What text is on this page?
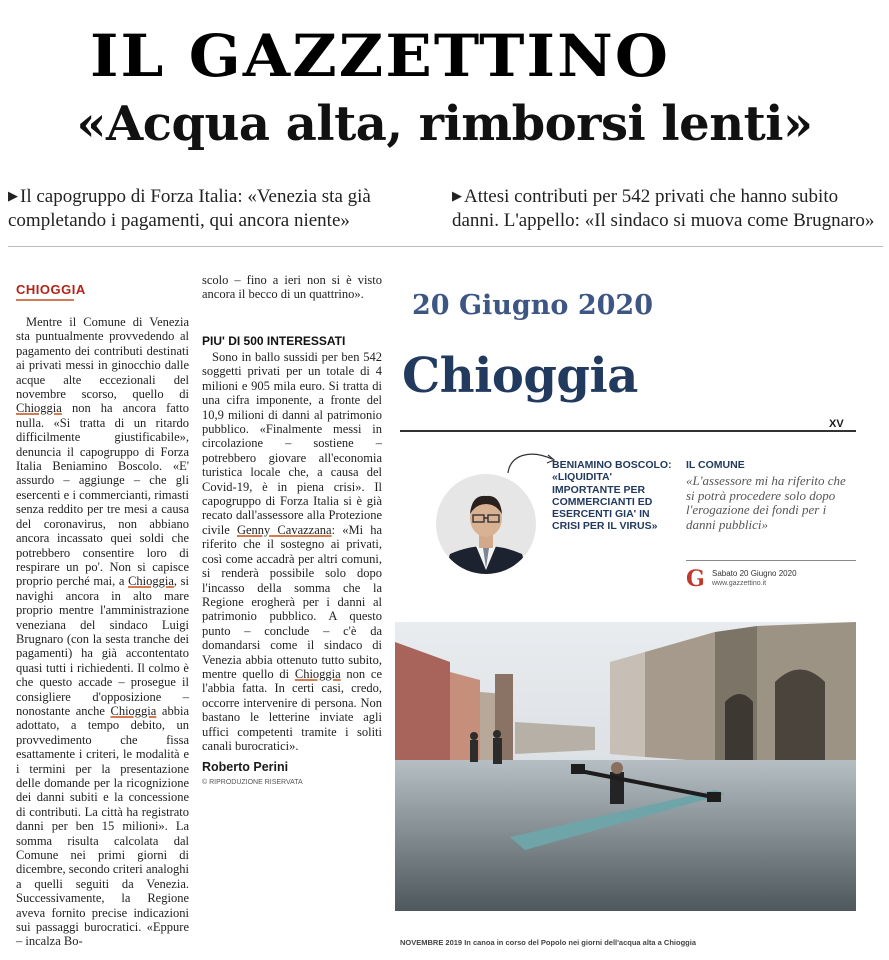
IL GAZZETTINO
«Acqua alta, rimborsi lenti»
▶ Il capogruppo di Forza Italia: «Venezia sta già completando i pagamenti, qui ancora niente»
▶ Attesi contributi per 542 privati che hanno subito danni. L'appello: «Il sindaco si muova come Brugnaro»
CHIOGGIA
Mentre il Comune di Venezia sta puntualmente provvedendo al pagamento dei contributi destinati ai privati messi in ginocchio dalle acque alte eccezionali del novembre scorso, quello di Chioggia non ha ancora fatto nulla. «Si tratta di un ritardo difficilmente giustificabile», denuncia il capogruppo di Forza Italia Beniamino Boscolo. «E' assurdo – aggiunge – che gli esercenti e i commercianti, rimasti senza reddito per tre mesi a causa del coronavirus, non abbiano ancora incassato quei soldi che potrebbero consentire loro di respirare un po'. Non si capisce proprio perché mai, a Chioggia, si navighi ancora in alto mare proprio mentre l'amministrazione veneziana del sindaco Luigi Brugnaro (con la sesta tranche dei pagamenti) ha già accontentato quasi tutti i richiedenti. Il colmo è che questo accade – prosegue il consigliere d'opposizione – nonostante anche Chioggia abbia adottato, a tempo debito, un provvedimento che fissa esattamente i criteri, le modalità e i termini per la presentazione delle domande per la ricognizione dei danni subiti e la concessione di contributi. La città ha registrato danni per ben 15 milioni». La somma risulta calcolata dal Comune nei primi giorni di dicembre, secondo criteri analoghi a quelli seguiti da Venezia. Successivamente, la Regione aveva fornito precise indicazioni sui passaggi burocratici. «Eppure – incalza Bo-
scolo – fino a ieri non si è visto ancora il becco di un quattrino».
PIU' DI 500 INTERESSATI
Sono in ballo sussidi per ben 542 soggetti privati per un totale di 4 milioni e 905 mila euro. Si tratta di una cifra imponente, a fronte del 10,9 milioni di danni al patrimonio pubblico. «Finalmente messi in circolazione – sostiene – potrebbero giovare all'economia turistica locale che, a causa del Covid-19, è in piena crisi». Il capogruppo di Forza Italia si è già recato dall'assessore alla Protezione civile Genny Cavazzana: «Mi ha riferito che il sostegno ai privati, così come accadrà per altri comuni, si renderà possibile solo dopo l'incasso della somma che la Regione erogherà per i danni al patrimonio pubblico. A questo punto – conclude – c'è da domandarsi come il sindaco di Venezia abbia ottenuto tutto subito, mentre quello di Chioggia non ce l'abbia fatta. In certi casi, credo, occorre intervenire di persona. Non bastano le letterine inviate agli uffici competenti tramite i soliti canali burocratici».
Roberto Perini
© RIPRODUZIONE RISERVATA
20 Giugno 2020
Chioggia
XV
BENIAMINO BOSCOLO:
«LIQUIDITA' IMPORTANTE PER COMMERCIANTI ED ESERCENTI GIA' IN CRISI PER IL VIRUS»
IL COMUNE
«L'assessore mi ha riferito che si potrà procedere solo dopo l'erogazione dei fondi per i danni pubblici»
G Sabato 20 Giugno 2020
www.gazzettino.it
NOVEMBRE 2019 In canoa in corso del Popolo nei giorni dell'acqua alta a Chioggia
